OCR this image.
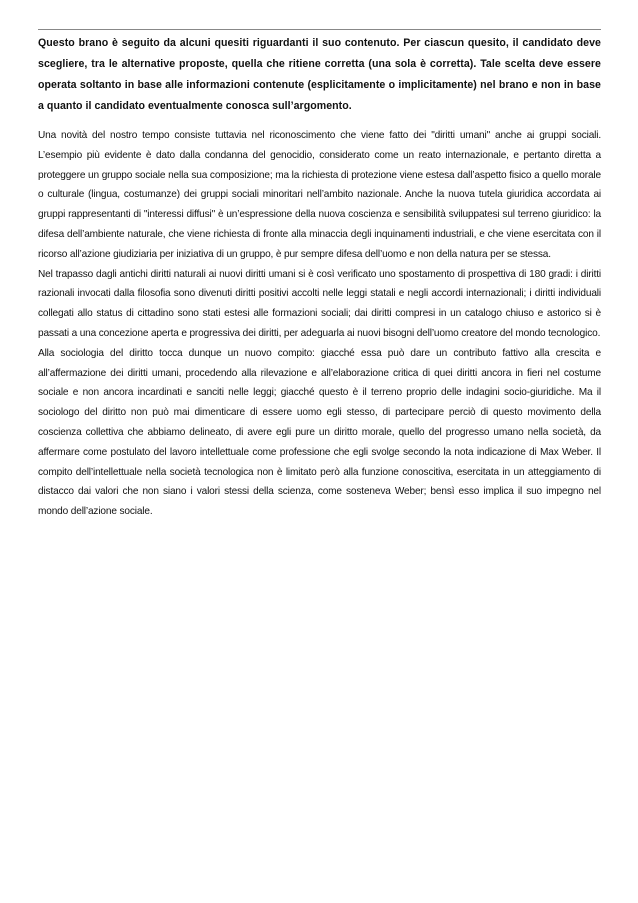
Questo brano è seguito da alcuni quesiti riguardanti il suo contenuto. Per ciascun quesito, il candidato deve scegliere, tra le alternative proposte, quella che ritiene corretta (una sola è corretta). Tale scelta deve essere operata soltanto in base alle informazioni contenute (esplicitamente o implicitamente) nel brano e non in base a quanto il candidato eventualmente conosca sull’argomento.

Una novità del nostro tempo consiste tuttavia nel riconoscimento che viene fatto dei "diritti umani" anche ai gruppi sociali. L’esempio più evidente è dato dalla condanna del genocidio, considerato come un reato internazionale, e pertanto diretta a proteggere un gruppo sociale nella sua composizione; ma la richiesta di protezione viene estesa dall’aspetto fisico a quello morale o culturale (lingua, costumanze) dei gruppi sociali minoritari nell’ambito nazionale. Anche la nuova tutela giuridica accordata ai gruppi rappresentanti di "interessi diffusi" è un’espressione della nuova coscienza e sensibilità sviluppatesi sul terreno giuridico: la difesa dell’ambiente naturale, che viene richiesta di fronte alla minaccia degli inquinamenti industriali, e che viene esercitata con il ricorso all’azione giudiziaria per iniziativa di un gruppo, è pur sempre difesa dell’uomo e non della natura per se stessa.

Nel trapasso dagli antichi diritti naturali ai nuovi diritti umani si è così verificato uno spostamento di prospettiva di 180 gradi: i diritti razionali invocati dalla filosofia sono divenuti diritti positivi accolti nelle leggi statali e negli accordi internazionali; i diritti individuali collegati allo status di cittadino sono stati estesi alle formazioni sociali; dai diritti compresi in un catalogo chiuso e astorico si è passati a una concezione aperta e progressiva dei diritti, per adeguarla ai nuovi bisogni dell’uomo creatore del mondo tecnologico.

Alla sociologia del diritto tocca dunque un nuovo compito: giacché essa può dare un contributo fattivo alla crescita e all’affermazione dei diritti umani, procedendo alla rilevazione e all’elaborazione critica di quei diritti ancora in fieri nel costume sociale e non ancora incardinati e sanciti nelle leggi; giacché questo è il terreno proprio delle indagini socio-giuridiche. Ma il sociologo del diritto non può mai dimenticare di essere uomo egli stesso, di partecipare perciò di questo movimento della coscienza collettiva che abbiamo delineato, di avere egli pure un diritto morale, quello del progresso umano nella società, da affermare come postulato del lavoro intellettuale come professione che egli svolge secondo la nota indicazione di Max Weber. Il compito dell’intellettuale nella società tecnologica non è limitato però alla funzione conoscitiva, esercitata in un atteggiamento di distacco dai valori che non siano i valori stessi della scienza, come sosteneva Weber; bensì esso implica il suo impegno nel mondo dell’azione sociale.
